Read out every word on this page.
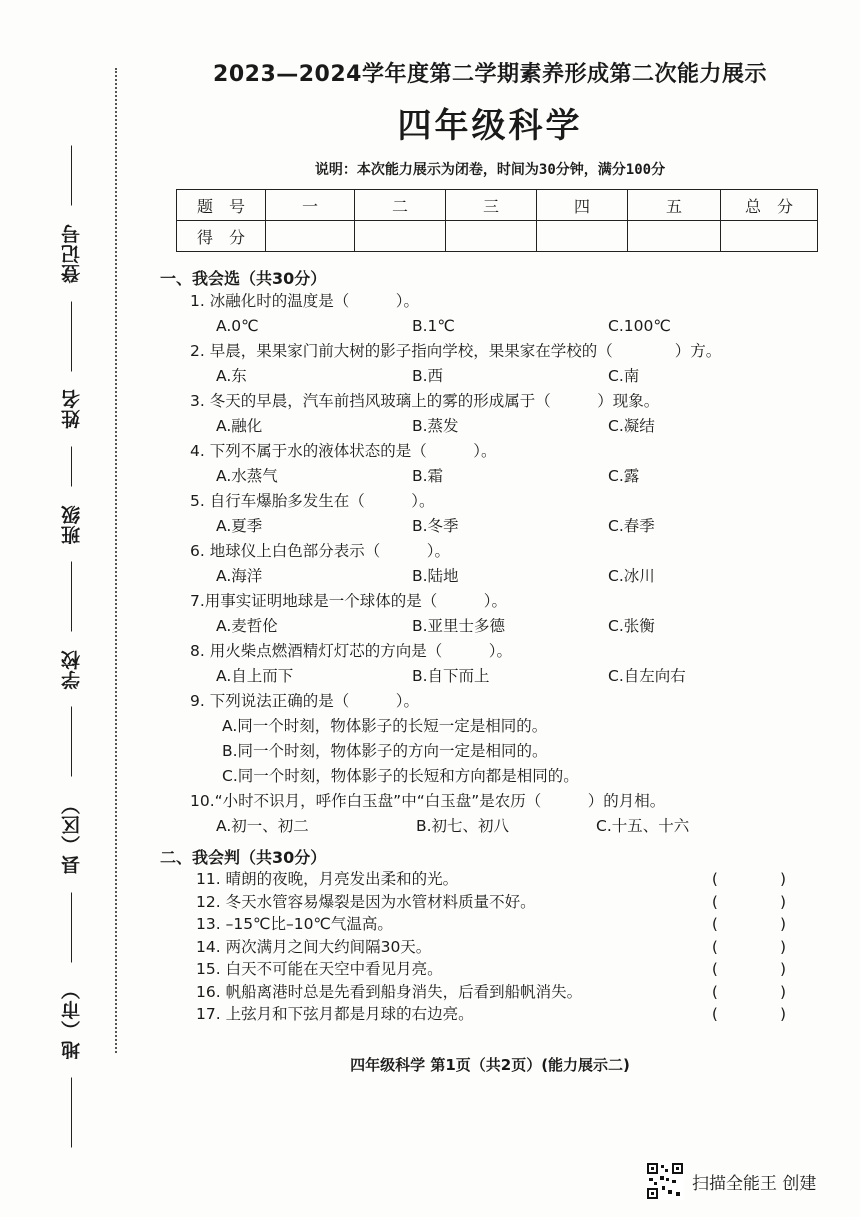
地（市）  县（区）  学校  班级  姓名  登记号
2023—2024学年度第二学期素养形成第二次能力展示
四年级科学
说明：本次能力展示为闭卷，时间为30分钟，满分100分
题　号	一	二	三	四	五	总　分
得　分						
一、我会选（共30分）
1. 冰融化时的温度是（　　　）。
A.0℃	B.1℃	C.100℃
2. 早晨，果果家门前大树的影子指向学校，果果家在学校的（　　　　）方。
A.东	B.西	C.南
3. 冬天的早晨，汽车前挡风玻璃上的雾的形成属于（　　　）现象。
A.融化	B.蒸发	C.凝结
4. 下列不属于水的液体状态的是（　　　）。
A.水蒸气	B.霜	C.露
5. 自行车爆胎多发生在（　　　）。
A.夏季	B.冬季	C.春季
6. 地球仪上白色部分表示（　　　）。
A.海洋	B.陆地	C.冰川
7.用事实证明地球是一个球体的是（　　　）。
A.麦哲伦	B.亚里士多德	C.张衡
8. 用火柴点燃酒精灯灯芯的方向是（　　　）。
A.自上而下	B.自下而上	C.自左向右
9. 下列说法正确的是（　　　）。
A.同一个时刻，物体影子的长短一定是相同的。
B.同一个时刻，物体影子的方向一定是相同的。
C.同一个时刻，物体影子的长短和方向都是相同的。
10.“小时不识月，呼作白玉盘”中“白玉盘”是农历（　　　）的月相。
A.初一、初二	B.初七、初八	C.十五、十六
二、我会判（共30分）
11. 晴朗的夜晚，月亮发出柔和的光。	(　　　　)
12. 冬天水管容易爆裂是因为水管材料质量不好。	(　　　　)
13. –15℃比–10℃气温高。	(　　　　)
14. 两次满月之间大约间隔30天。	(　　　　)
15. 白天不可能在天空中看见月亮。	(　　　　)
16. 帆船离港时总是先看到船身消失，后看到船帆消失。	(　　　　)
17. 上弦月和下弦月都是月球的右边亮。	(　　　　)
四年级科学 第1页（共2页）(能力展示二)
扫描全能王 创建
